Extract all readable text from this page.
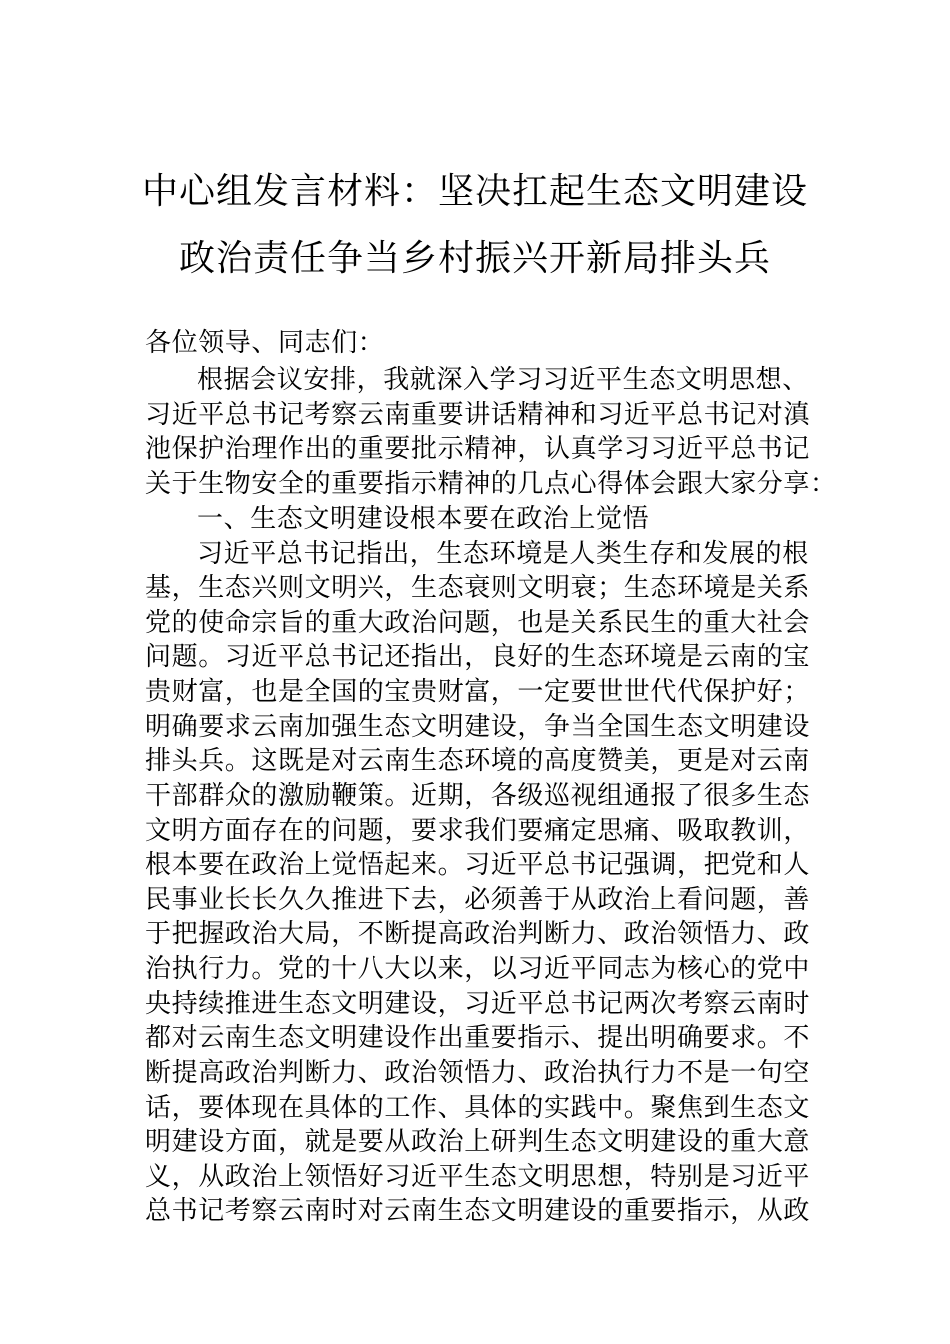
中心组发言材料：坚决扛起生态文明建设
政治责任争当乡村振兴开新局排头兵
各位领导、同志们：
根据会议安排，我就深入学习习近平生态文明思想、
习近平总书记考察云南重要讲话精神和习近平总书记对滇
池保护治理作出的重要批示精神，认真学习习近平总书记
关于生物安全的重要指示精神的几点心得体会跟大家分享：
一、生态文明建设根本要在政治上觉悟
习近平总书记指出，生态环境是人类生存和发展的根
基，生态兴则文明兴，生态衰则文明衰；生态环境是关系
党的使命宗旨的重大政治问题，也是关系民生的重大社会
问题。习近平总书记还指出，良好的生态环境是云南的宝
贵财富，也是全国的宝贵财富，一定要世世代代保护好；
明确要求云南加强生态文明建设，争当全国生态文明建设
排头兵。这既是对云南生态环境的高度赞美，更是对云南
干部群众的激励鞭策。近期，各级巡视组通报了很多生态
文明方面存在的问题，要求我们要痛定思痛、吸取教训，
根本要在政治上觉悟起来。习近平总书记强调，把党和人
民事业长长久久推进下去，必须善于从政治上看问题，善
于把握政治大局，不断提高政治判断力、政治领悟力、政
治执行力。党的十八大以来，以习近平同志为核心的党中
央持续推进生态文明建设，习近平总书记两次考察云南时
都对云南生态文明建设作出重要指示、提出明确要求。不
断提高政治判断力、政治领悟力、政治执行力不是一句空
话，要体现在具体的工作、具体的实践中。聚焦到生态文
明建设方面，就是要从政治上研判生态文明建设的重大意
义，从政治上领悟好习近平生态文明思想，特别是习近平
总书记考察云南时对云南生态文明建设的重要指示，从政
